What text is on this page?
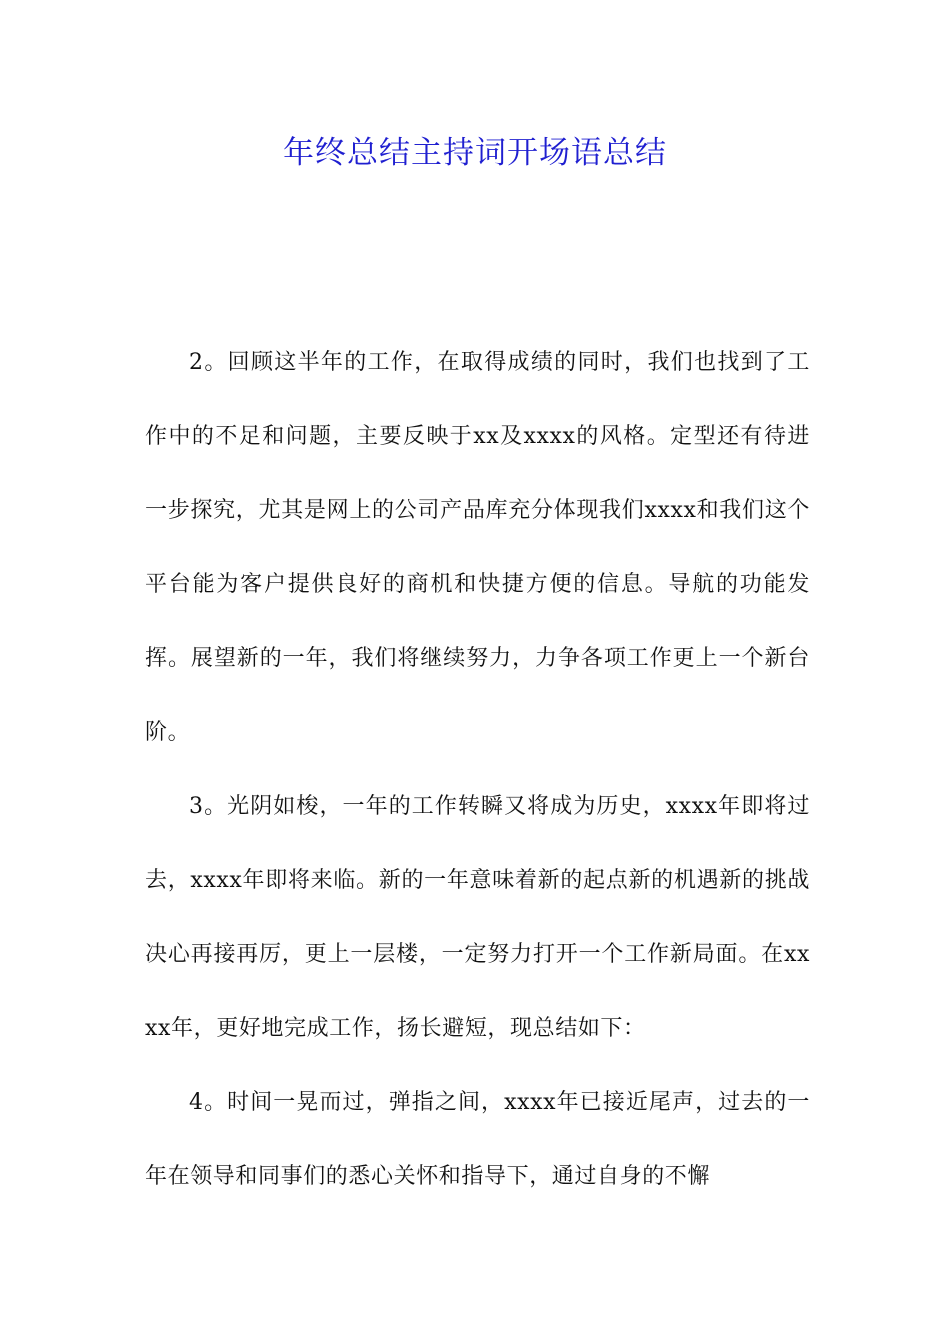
年终总结主持词开场语总结

2。回顾这半年的工作，在取得成绩的同时，我们也找到了工作中的不足和问题，主要反映于xx及xxxx的风格。定型还有待进一步探究，尤其是网上的公司产品库充分体现我们xxxx和我们这个平台能为客户提供良好的商机和快捷方便的信息。导航的功能发挥。展望新的一年，我们将继续努力，力争各项工作更上一个新台阶。

3。光阴如梭，一年的工作转瞬又将成为历史，xxxx年即将过去，xxxx年即将来临。新的一年意味着新的起点新的机遇新的挑战决心再接再厉，更上一层楼，一定努力打开一个工作新局面。在xxxx年，更好地完成工作，扬长避短，现总结如下：

4。时间一晃而过，弹指之间，xxxx年已接近尾声，过去的一年在领导和同事们的悉心关怀和指导下，通过自身的不懈
